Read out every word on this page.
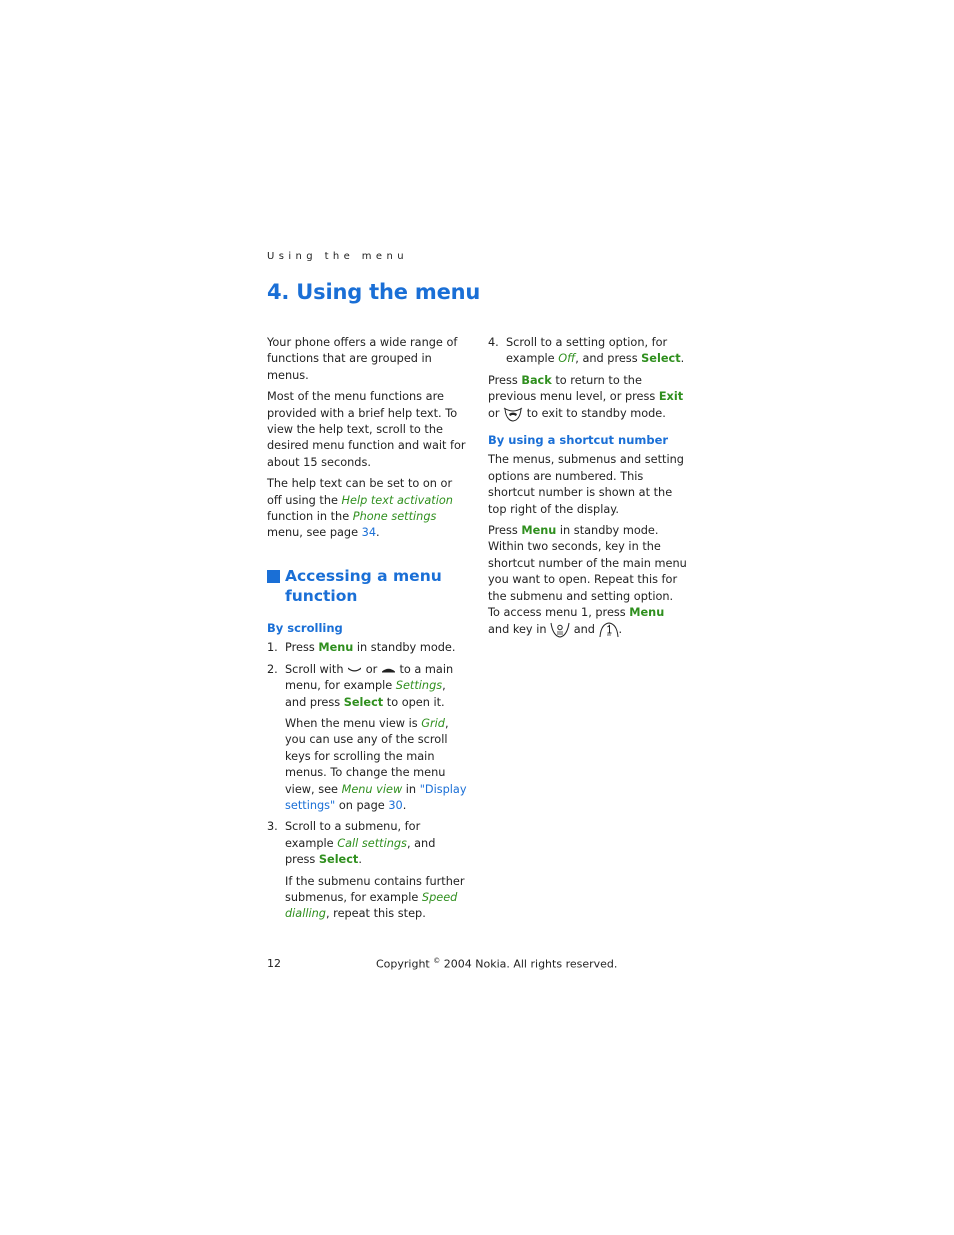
Using the menu
4. Using the menu

Your phone offers a wide range of functions that are grouped in menus.

Most of the menu functions are provided with a brief help text. To view the help text, scroll to the desired menu function and wait for about 15 seconds.

The help text can be set to on or off using the Help text activation function in the Phone settings menu, see page 34.

Accessing a menu function
By scrolling
1. Press Menu in standby mode.

2. Scroll with  or  to a main menu, for example Settings, and press Select to open it.

When the menu view is Grid, you can use any of the scroll keys for scrolling the main menus. To change the menu view, see Menu view in "Display settings" on page 30.

3. Scroll to a submenu, for example Call settings, and press Select.

If the submenu contains further submenus, for example Speed dialling, repeat this step.

4. Scroll to a setting option, for example Off, and press Select.

Press Back to return to the previous menu level, or press Exit or  to exit to standby mode.

By using a shortcut number

The menus, submenus and setting options are numbered. This shortcut number is shown at the top right of the display.

Press Menu in standby mode. Within two seconds, key in the shortcut number of the main menu you want to open. Repeat this for the submenu and setting option. To access menu 1, press Menu and key in  and .

12	Copyright © 2004 Nokia. All rights reserved.
